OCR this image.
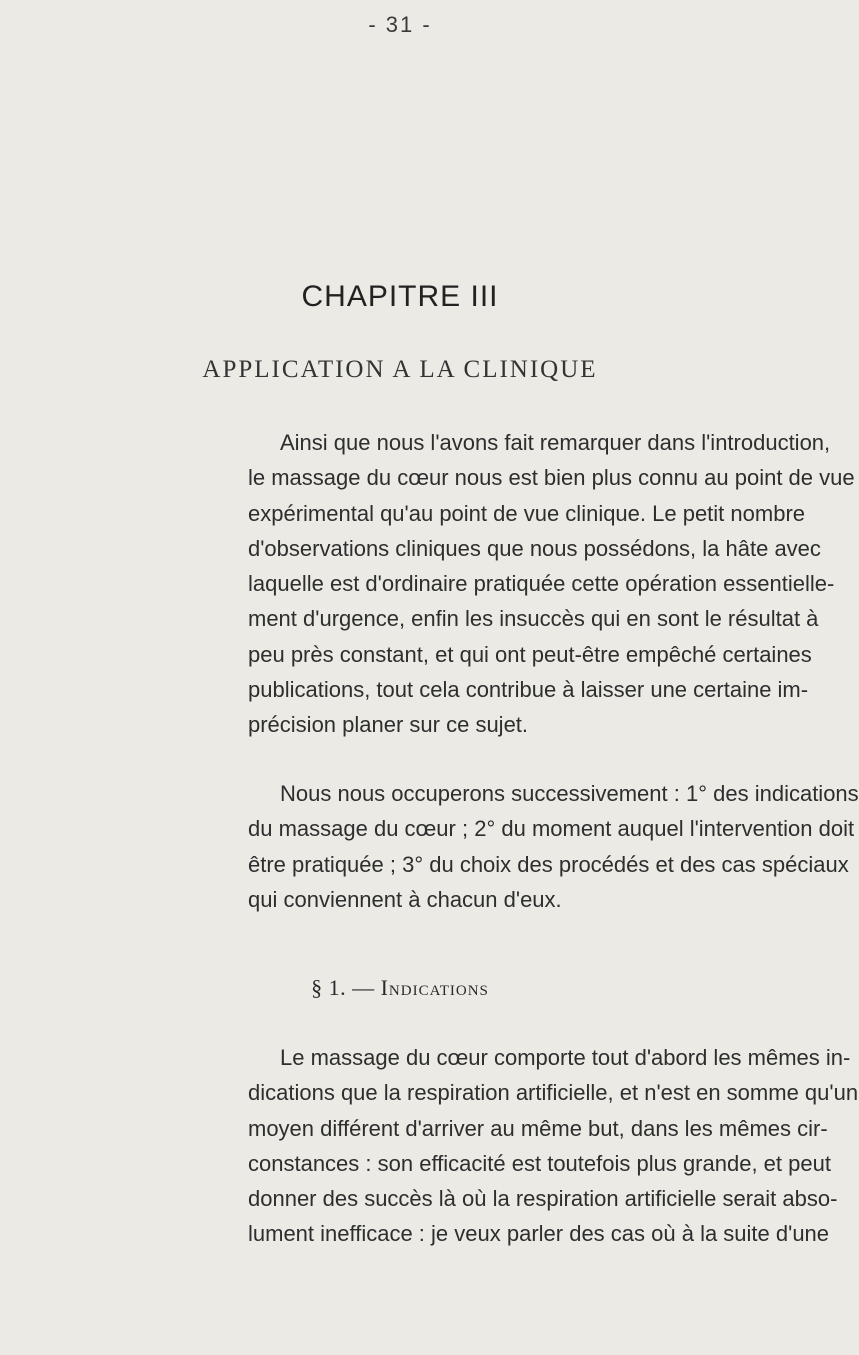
- 31 -
CHAPITRE III
APPLICATION A LA CLINIQUE

Ainsi que nous l'avons fait remarquer dans l'introduction,
le massage du cœur nous est bien plus connu au point de vue
expérimental qu'au point de vue clinique. Le petit nombre
d'observations cliniques que nous possédons, la hâte avec
laquelle est d'ordinaire pratiquée cette opération essentielle-
ment d'urgence, enfin les insuccès qui en sont le résultat à
peu près constant, et qui ont peut-être empêché certaines
publications, tout cela contribue à laisser une certaine im-
précision planer sur ce sujet.

Nous nous occuperons successivement : 1° des indications
du massage du cœur ; 2° du moment auquel l'intervention doit
être pratiquée ; 3° du choix des procédés et des cas spéciaux
qui conviennent à chacun d'eux.

§ 1. — Indications

Le massage du cœur comporte tout d'abord les mêmes in-
dications que la respiration artificielle, et n'est en somme qu'un
moyen différent d'arriver au même but, dans les mêmes cir-
constances : son efficacité est toutefois plus grande, et peut
donner des succès là où la respiration artificielle serait abso-
lument inefficace : je veux parler des cas où à la suite d'une
